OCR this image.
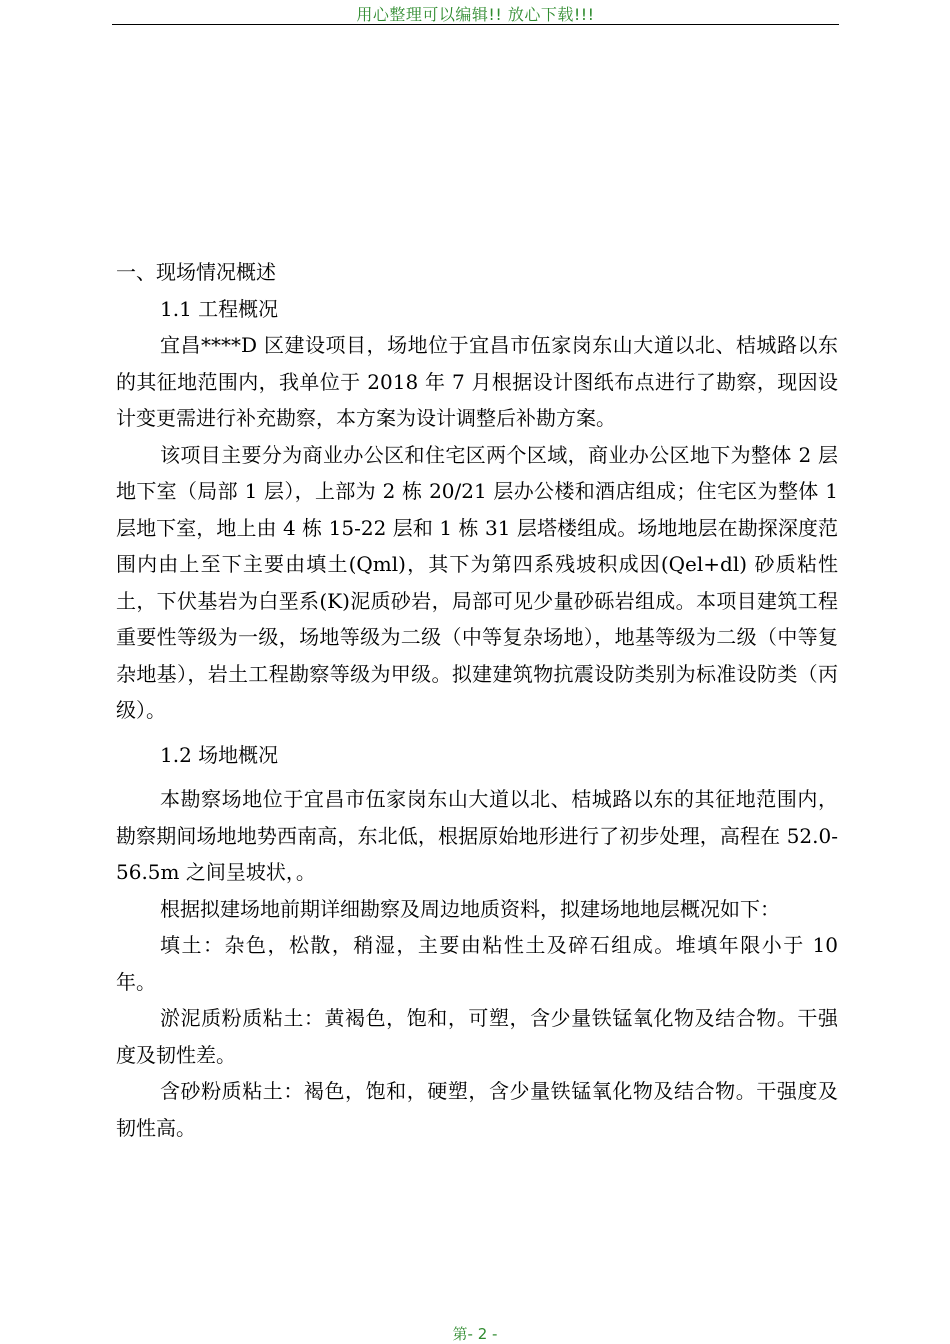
用心整理可以编辑!! 放心下载!!!

一、现场情况概述

1.1 工程概况

宜昌****D 区建设项目，场地位于宜昌市伍家岗东山大道以北、桔城路以东的其征地范围内，我单位于 2018 年 7 月根据设计图纸布点进行了勘察，现因设计变更需进行补充勘察，本方案为设计调整后补勘方案。

该项目主要分为商业办公区和住宅区两个区域，商业办公区地下为整体 2 层地下室（局部 1 层），上部为 2 栋 20/21 层办公楼和酒店组成；住宅区为整体 1 层地下室，地上由 4 栋 15-22 层和 1 栋 31 层塔楼组成。场地地层在勘探深度范围内由上至下主要由填土(Qml)，其下为第四系残坡积成因(Qel+dl) 砂质粘性土，下伏基岩为白垩系(K)泥质砂岩，局部可见少量砂砾岩组成。本项目建筑工程重要性等级为一级，场地等级为二级（中等复杂场地），地基等级为二级（中等复杂地基），岩土工程勘察等级为甲级。拟建建筑物抗震设防类别为标准设防类（丙级）。

1.2 场地概况

本勘察场地位于宜昌市伍家岗东山大道以北、桔城路以东的其征地范围内，勘察期间场地地势西南高，东北低，根据原始地形进行了初步处理，高程在 52.0-56.5m 之间呈坡状，。

根据拟建场地前期详细勘察及周边地质资料，拟建场地地层概况如下：

填土：杂色，松散，稍湿，主要由粘性土及碎石组成。堆填年限小于 10 年。

淤泥质粉质粘土：黄褐色，饱和，可塑，含少量铁锰氧化物及结合物。干强度及韧性差。

含砂粉质粘土：褐色，饱和，硬塑，含少量铁锰氧化物及结合物。干强度及韧性高。

第- 2 -
